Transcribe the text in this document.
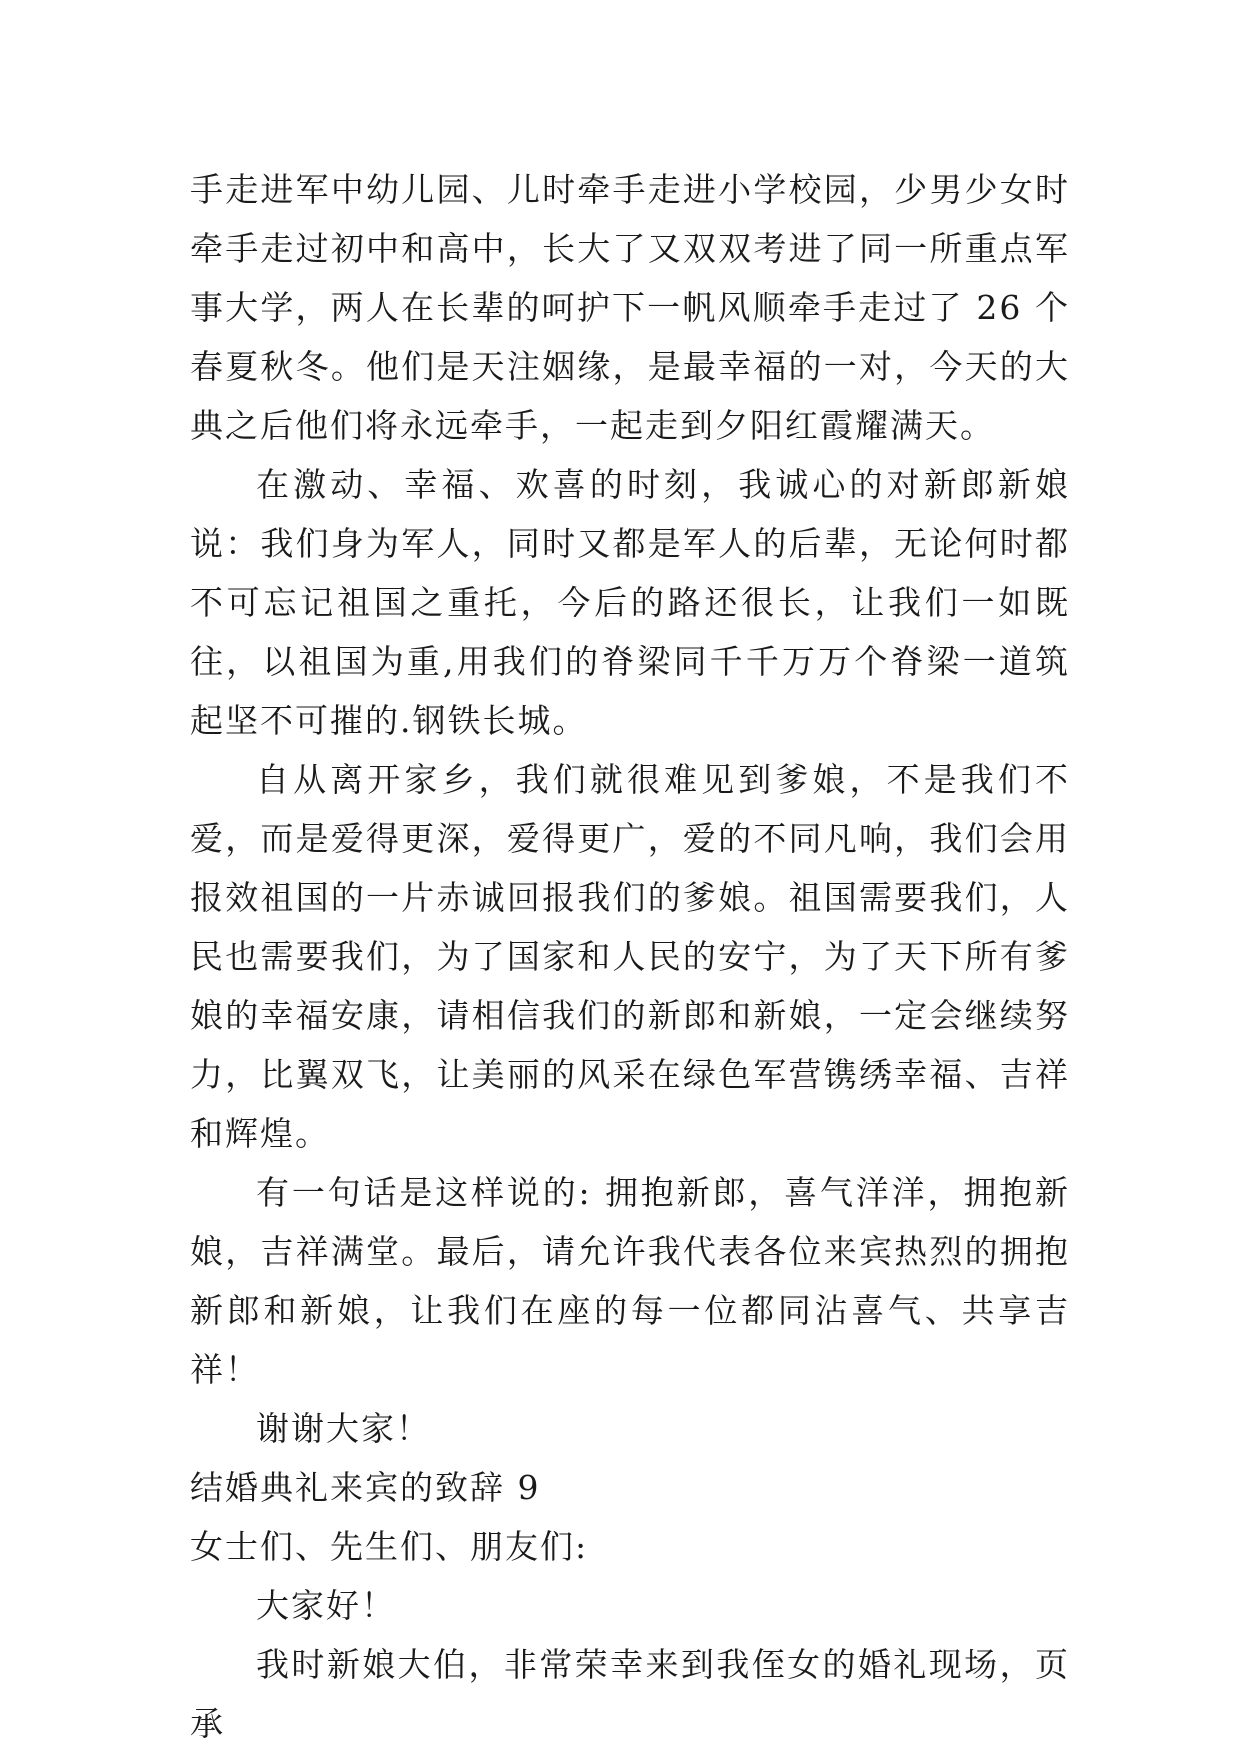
手走进军中幼儿园、儿时牵手走进小学校园，少男少女时牵手走过初中和高中，长大了又双双考进了同一所重点军事大学，两人在长辈的呵护下一帆风顺牵手走过了 26 个春夏秋冬。他们是天注姻缘，是最幸福的一对，今天的大典之后他们将永远牵手，一起走到夕阳红霞耀满天。

在激动、幸福、欢喜的时刻，我诚心的对新郎新娘说：我们身为军人，同时又都是军人的后辈，无论何时都不可忘记祖国之重托，今后的路还很长，让我们一如既往，以祖国为重,用我们的脊梁同千千万万个脊梁一道筑起坚不可摧的.钢铁长城。

自从离开家乡，我们就很难见到爹娘，不是我们不爱，而是爱得更深，爱得更广，爱的不同凡响，我们会用报效祖国的一片赤诚回报我们的爹娘。祖国需要我们，人民也需要我们，为了国家和人民的安宁，为了天下所有爹娘的幸福安康，请相信我们的新郎和新娘，一定会继续努力，比翼双飞，让美丽的风采在绿色军营镌绣幸福、吉祥和辉煌。

有一句话是这样说的: 拥抱新郎，喜气洋洋，拥抱新娘，吉祥满堂。最后，请允许我代表各位来宾热烈的拥抱新郎和新娘，让我们在座的每一位都同沾喜气、共享吉祥！

谢谢大家！

结婚典礼来宾的致辞 9

女士们、先生们、朋友们:

大家好！

我时新娘大伯，非常荣幸来到我侄女的婚礼现场，页承
